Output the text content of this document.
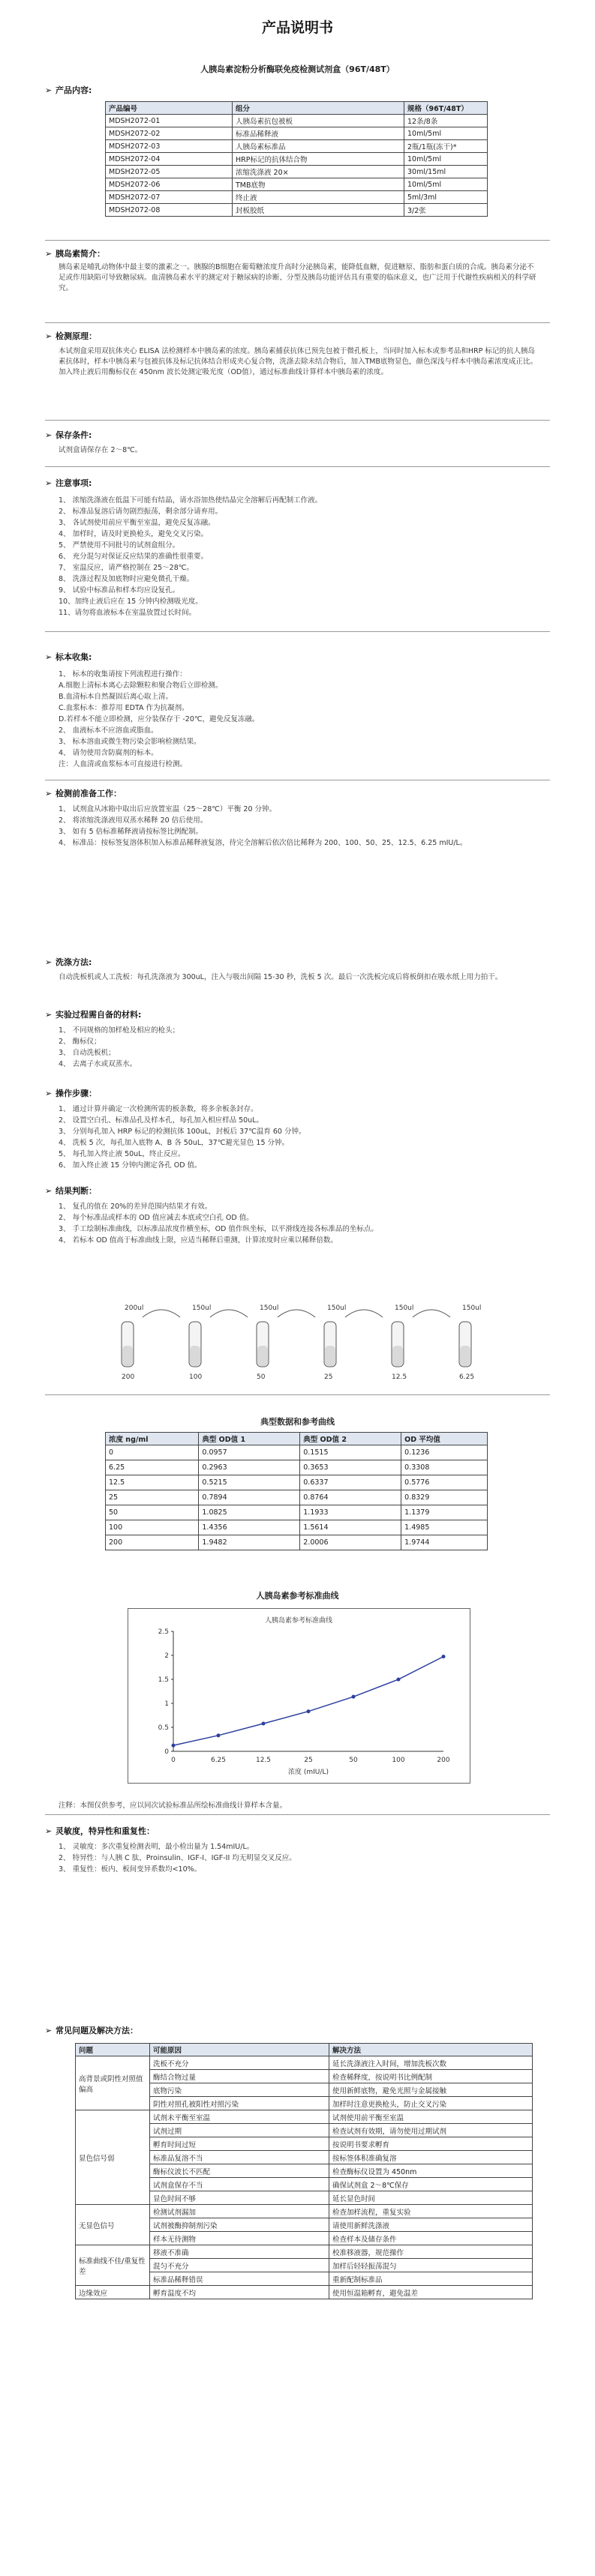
产品说明书
人胰岛素淀粉分析酶联免疫检测试剂盒（96T/48T）
➢ 产品内容:
产品编号	组分	规格（96T/48T）
MDSH2072-01	人胰岛素抗包被板	12条/8条
MDSH2072-02	标准品稀释液	10ml/5ml
MDSH2072-03	人胰岛素标准品	2瓶/1瓶(冻干)*
MDSH2072-04	HRP标记的抗体结合物	10ml/5ml
MDSH2072-05	浓缩洗涤液 20×	30ml/15ml
MDSH2072-06	TMB底物	10ml/5ml
MDSH2072-07	终止液	5ml/3ml
MDSH2072-08	封板胶纸	3/2张
➢ 胰岛素简介：
胰岛素是哺乳动物体中最主要的激素之一。胰腺的B细胞在葡萄糖浓度升高时分泌胰岛素，能降低血糖，促进糖原、脂肪和蛋白质的合成。胰岛素分泌不足或作用缺陷可导致糖尿病。血清胰岛素水平的测定对于糖尿病的诊断、分型及胰岛功能评估具有重要的临床意义，也广泛用于代谢性疾病相关的科学研究。
➢ 检测原理：
本试剂盒采用双抗体夹心 ELISA 法检测样本中胰岛素的浓度。胰岛素捕获抗体已预先包被于微孔板上，当同时加入标本或参考品和HRP 标记的抗人胰岛素抗体时，样本中胰岛素与包被抗体及标记抗体结合形成夹心复合物，洗涤去除未结合物后，加入TMB底物显色，颜色深浅与样本中胰岛素浓度成正比。加入终止液后用酶标仪在 450nm 波长处测定吸光度（OD值），通过标准曲线计算样本中胰岛素的浓度。
➢ 保存条件:
试剂盒请保存在 2～8℃。
➢ 注意事项:
1、 浓缩洗涤液在低温下可能有结晶，请水浴加热使结晶完全溶解后再配制工作液。
2、 标准品复溶后请勿剧烈振荡，剩余部分请弃用。
3、 各试剂使用前应平衡至室温，避免反复冻融。
4、 加样时，请及时更换枪头，避免交叉污染。
5、 严禁使用不同批号的试剂盒组分。
6、 充分混匀对保证反应结果的准确性很重要。
7、 室温反应，请严格控制在 25～28℃。
8、 洗涤过程及加底物时应避免微孔干燥。
9、 试验中标准品和样本均应设复孔。
10、加终止液后应在 15 分钟内检测吸光度。
11、请勿将血液标本在室温放置过长时间。
➢ 标本收集:
1、 标本的收集请按下列流程进行操作：
A.细胞上清标本离心去除颗粒和聚合物后立即检测。
B.血清标本自然凝固后离心取上清。
C.血浆标本：推荐用 EDTA 作为抗凝剂。
D.若样本不能立即检测，应分装保存于 -20℃，避免反复冻融。
2、 血液标本不应溶血或脂血。
3、 标本溶血或微生物污染会影响检测结果。
4、 请勿使用含防腐剂的标本。
注：人血清或血浆标本可直接进行检测。
➢ 检测前准备工作：
1、 试剂盒从冰箱中取出后应放置室温（25～28℃）平衡 20 分钟。
2、 将浓缩洗涤液用双蒸水稀释 20 倍后使用。
3、 如有 5 倍标准稀释液请按标签比例配制。
4、 标准品：按标签复溶体积加入标准品稀释液复溶，待完全溶解后依次倍比稀释为 200、100、50、25、12.5、6.25 mIU/L。
200ul
200
150ul
100
150ul
50
150ul
25
150ul
12.5
150ul
6.25
➢ 洗涤方法:
自动洗板机或人工洗板：每孔洗涤液为 300uL，注入与吸出间隔 15-30 秒，洗板 5 次。最后一次洗板完成后将板倒扣在吸水纸上用力拍干。
➢ 实验过程需自备的材料:
1、 不同规格的加样枪及相应的枪头；
2、 酶标仪；
3、 自动洗板机；
4、 去离子水或双蒸水。
➢ 操作步骤：
1、 通过计算并确定一次检测所需的板条数，将多余板条封存。
2、 设置空白孔、标准品孔及样本孔，每孔加入相应样品 50uL。
3、 分别每孔加入 HRP 标记的检测抗体 100uL，封板后 37℃温育 60 分钟。
4、 洗板 5 次，每孔加入底物 A、B 各 50uL，37℃避光显色 15 分钟。
5、 每孔加入终止液 50uL，终止反应。
6、 加入终止液 15 分钟内测定各孔 OD 值。
➢ 结果判断：
1、 复孔的值在 20%的差异范围内结果才有效。
2、 每个标准品或样本的 OD 值应减去本底或空白孔 OD 值。
3、 手工绘制标准曲线，以标准品浓度作横坐标，OD 值作纵坐标，以平滑线连接各标准品的坐标点。
4、 若标本 OD 值高于标准曲线上限，应适当稀释后重测，计算浓度时应乘以稀释倍数。
典型数据和参考曲线
浓度 ng/ml	典型 OD值 1	典型 OD值 2	OD 平均值
0	0.0957	0.1515	0.1236
6.25	0.2963	0.3653	0.3308
12.5	0.5215	0.6337	0.5776
25	0.7894	0.8764	0.8329
50	1.0825	1.1933	1.1379
100	1.4356	1.5614	1.4985
200	1.9482	2.0006	1.9744
人胰岛素参考标准曲线
人胰岛素参考标准曲线
0
0.5
1
1.5
2
2.5
0	6.25	12.5	25	50	100	200
浓度 (mIU/L)
注释：本图仅供参考，应以同次试验标准品所绘标准曲线计算样本含量。
➢ 灵敏度，特异性和重复性：
1、 灵敏度：多次重复检测表明，最小检出量为 1.54mIU/L。
2、 特异性：与人胰 C 肽、Proinsulin、IGF-I、IGF-II 均无明显交叉反应。
3、 重复性：板内、板间变异系数均<10%。
➢ 常见问题及解决方法：
问题	可能原因	解决方法
高背景或阴性对照值偏高	洗板不充分	延长洗涤液注入时间，增加洗板次数
	酶结合物过量	检查稀释度，按说明书比例配制
	底物污染	使用新鲜底物，避免光照与金属接触
	阴性对照孔被阳性对照污染	加样时注意更换枪头，防止交叉污染
显色信号弱	试剂未平衡至室温	试剂使用前平衡至室温
	试剂过期	检查试剂有效期，请勿使用过期试剂
	孵育时间过短	按说明书要求孵育
	标准品复溶不当	按标签体积准确复溶
	酶标仪波长不匹配	检查酶标仪设置为 450nm
	试剂盒保存不当	确保试剂盒 2～8℃保存
	显色时间不够	延长显色时间
无显色信号	检测试剂漏加	检查加样流程，重复实验
	试剂被酶抑制剂污染	请使用新鲜洗涤液
	样本无待测物	检查样本及储存条件
标准曲线不佳/重复性差	移液不准确	校准移液器，规范操作
	混匀不充分	加样后轻轻振荡混匀
	标准品稀释错误	重新配制标准品
边缘效应	孵育温度不均	使用恒温箱孵育，避免温差
